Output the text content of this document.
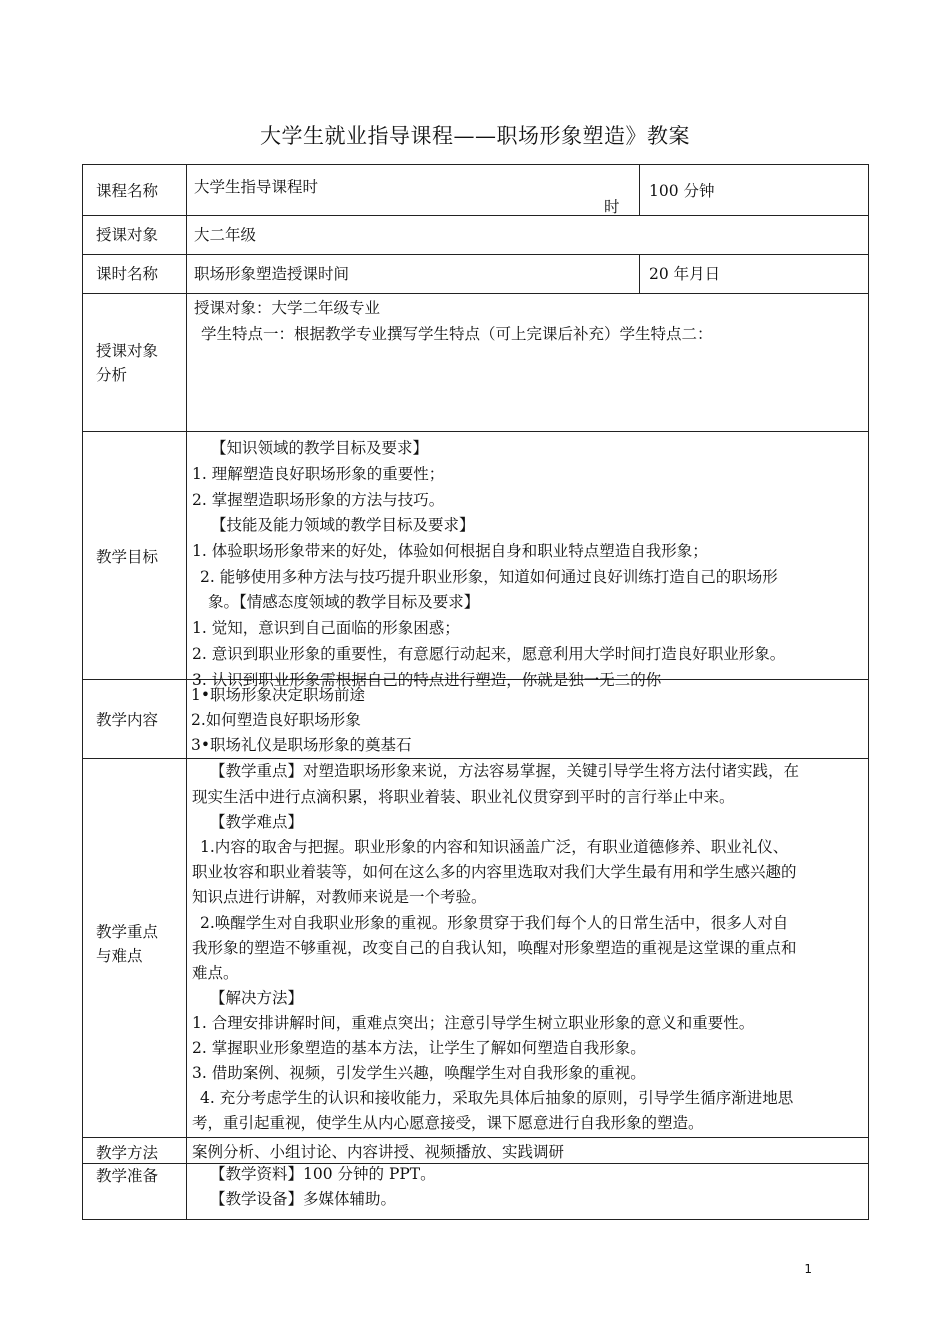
大学生就业指导课程——职场形象塑造》教案
课程名称 大学生指导课程时
时
100 分钟
授课对象 大二年级
课时名称 职场形象塑造授课时间	20 年月日
授课对象
分析
授课对象：大学二年级专业
学生特点一：根据教学专业撰写学生特点（可上完课后补充）学生特点二：
教学目标
【知识领域的教学目标及要求】
1. 理解塑造良好职场形象的重要性；
2. 掌握塑造职场形象的方法与技巧。
【技能及能力领域的教学目标及要求】
1. 体验职场形象带来的好处，体验如何根据自身和职业特点塑造自我形象；
2. 能够使用多种方法与技巧提升职业形象，知道如何通过良好训练打造自己的职场形
象。【情感态度领域的教学目标及要求】
1. 觉知，意识到自己面临的形象困惑；
2. 意识到职业形象的重要性，有意愿行动起来，愿意利用大学时间打造良好职业形象。
3. 认识到职业形象需根据自己的特点进行塑造，你就是独一无二的你
教学内容
1•职场形象决定职场前途
2.如何塑造良好职场形象
3•职场礼仪是职场形象的奠基石
教学重点
与难点
【教学重点】对塑造职场形象来说，方法容易掌握，关键引导学生将方法付诸实践，在
现实生活中进行点滴积累，将职业着装、职业礼仪贯穿到平时的言行举止中来。
【教学难点】
1.内容的取舍与把握。职业形象的内容和知识涵盖广泛，有职业道德修养、职业礼仪、
职业妆容和职业着装等，如何在这么多的内容里选取对我们大学生最有用和学生感兴趣的
知识点进行讲解，对教师来说是一个考验。
2.唤醒学生对自我职业形象的重视。形象贯穿于我们每个人的日常生活中，很多人对自
我形象的塑造不够重视，改变自己的自我认知，唤醒对形象塑造的重视是这堂课的重点和
难点。
【解决方法】
1. 合理安排讲解时间，重难点突出；注意引导学生树立职业形象的意义和重要性。
2. 掌握职业形象塑造的基本方法，让学生了解如何塑造自我形象。
3. 借助案例、视频，引发学生兴趣，唤醒学生对自我形象的重视。
4. 充分考虑学生的认识和接收能力，采取先具体后抽象的原则，引导学生循序渐进地思
考，重引起重视，使学生从内心愿意接受，课下愿意进行自我形象的塑造。
教学方法 案例分析、小组讨论、内容讲授、视频播放、实践调研
教学准备	【教学资料】100 分钟的 PPT。
【教学设备】多媒体辅助。
1
